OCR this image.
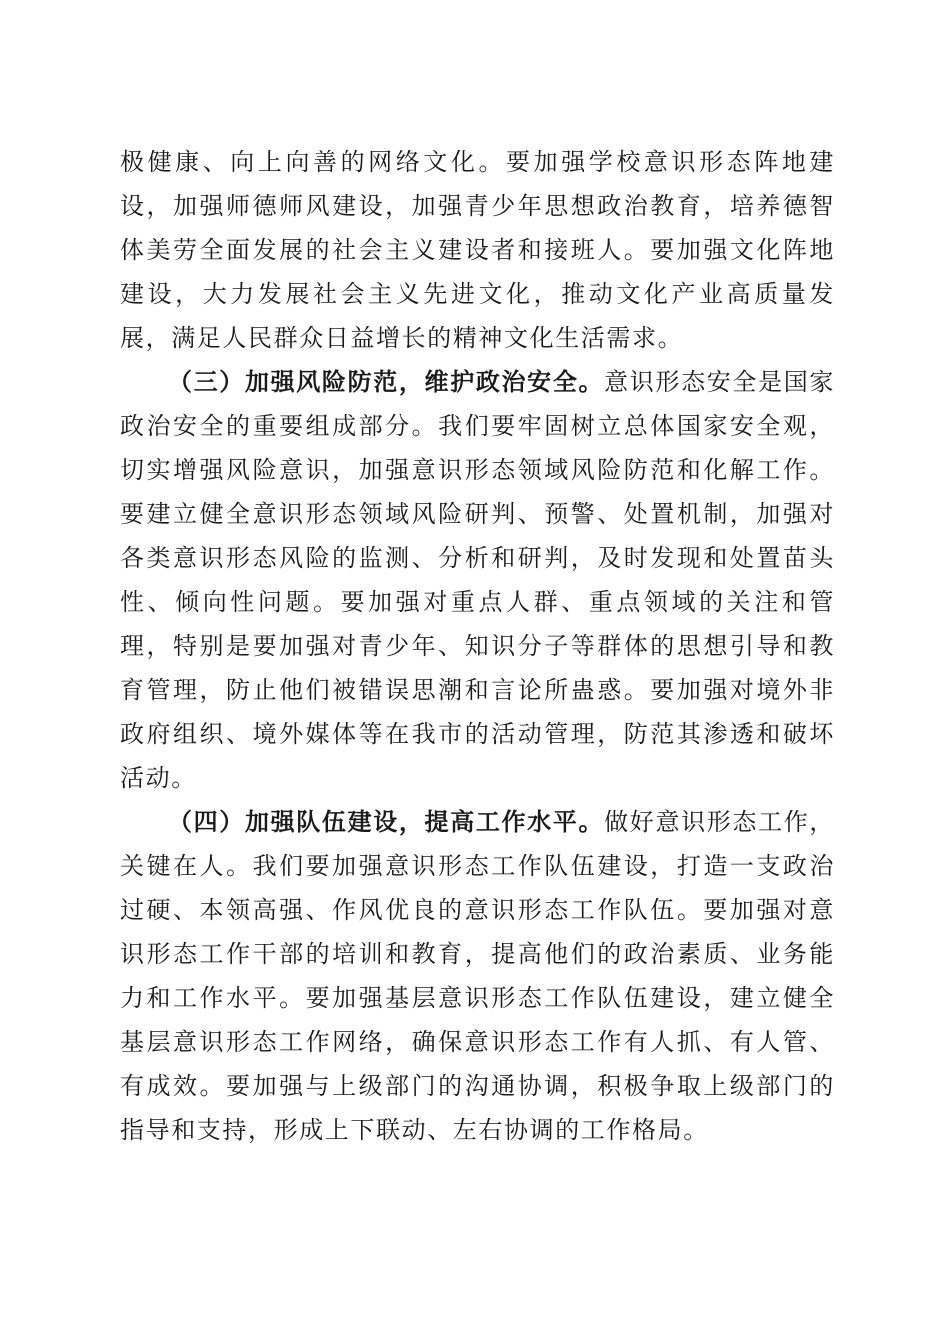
极健康、向上向善的网络文化。要加强学校意识形态阵地建设，加强师德师风建设，加强青少年思想政治教育，培养德智体美劳全面发展的社会主义建设者和接班人。要加强文化阵地建设，大力发展社会主义先进文化，推动文化产业高质量发展，满足人民群众日益增长的精神文化生活需求。

（三）加强风险防范，维护政治安全。意识形态安全是国家政治安全的重要组成部分。我们要牢固树立总体国家安全观，切实增强风险意识，加强意识形态领域风险防范和化解工作。要建立健全意识形态领域风险研判、预警、处置机制，加强对各类意识形态风险的监测、分析和研判，及时发现和处置苗头性、倾向性问题。要加强对重点人群、重点领域的关注和管理，特别是要加强对青少年、知识分子等群体的思想引导和教育管理，防止他们被错误思潮和言论所蛊惑。要加强对境外非政府组织、境外媒体等在我市的活动管理，防范其渗透和破坏活动。

（四）加强队伍建设，提高工作水平。做好意识形态工作，关键在人。我们要加强意识形态工作队伍建设，打造一支政治过硬、本领高强、作风优良的意识形态工作队伍。要加强对意识形态工作干部的培训和教育，提高他们的政治素质、业务能力和工作水平。要加强基层意识形态工作队伍建设，建立健全基层意识形态工作网络，确保意识形态工作有人抓、有人管、有成效。要加强与上级部门的沟通协调，积极争取上级部门的指导和支持，形成上下联动、左右协调的工作格局。
